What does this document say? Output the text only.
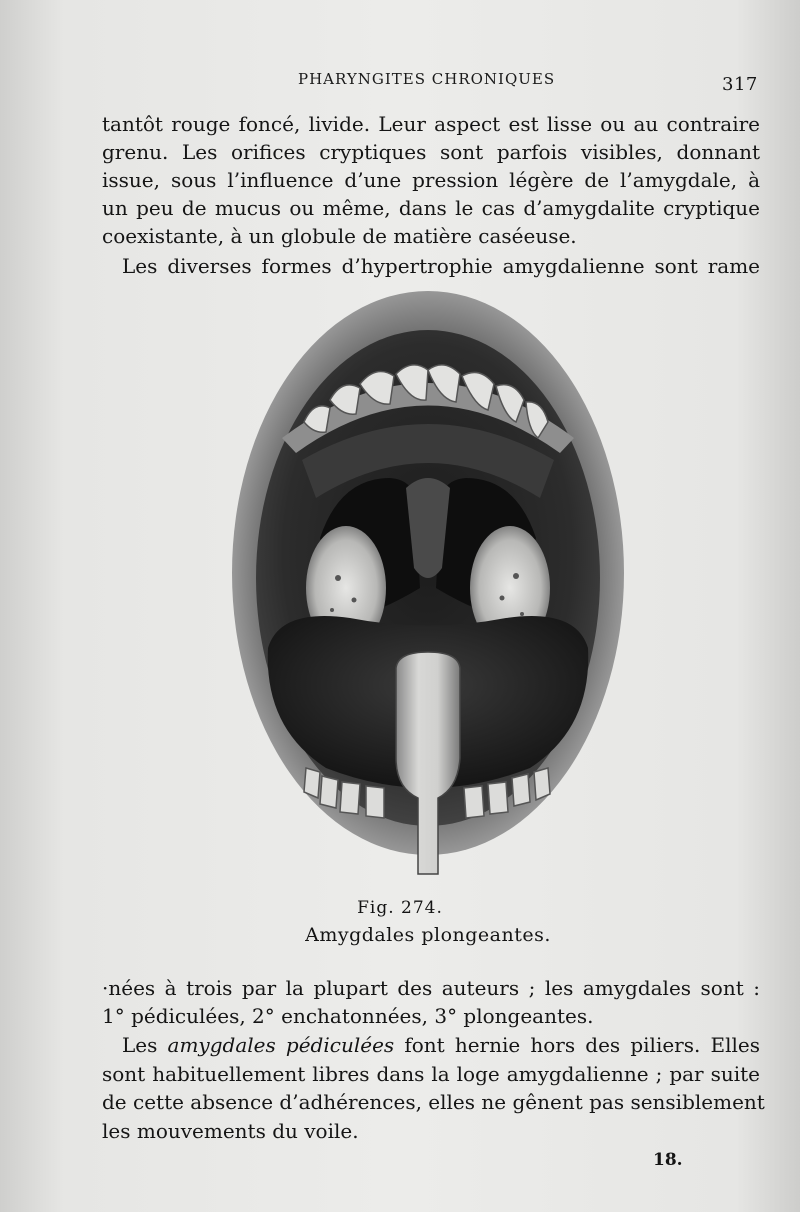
PHARYNGITES CHRONIQUES	317
tantôt rouge foncé, livide. Leur aspect est lisse ou au contraire
grenu. Les orifices cryptiques sont parfois visibles, donnant
issue, sous l’influence d’une pression légère de l’amygdale, à
un peu de mucus ou même, dans le cas d’amygdalite cryptique
coexistante, à un globule de matière caséeuse.
Les diverses formes d’hypertrophie amygdalienne sont rame
Fig. 274.
Amygdales plongeantes.
·nées à trois par la plupart des auteurs ; les amygdales sont :
1° pédiculées, 2° enchatonnées, 3° plongeantes.
Les amygdales pédiculées font hernie hors des piliers. Elles
sont habituellement libres dans la loge amygdalienne ; par suite
de cette absence d’adhérences, elles ne gênent pas sensiblement
les mouvements du voile.
18.
